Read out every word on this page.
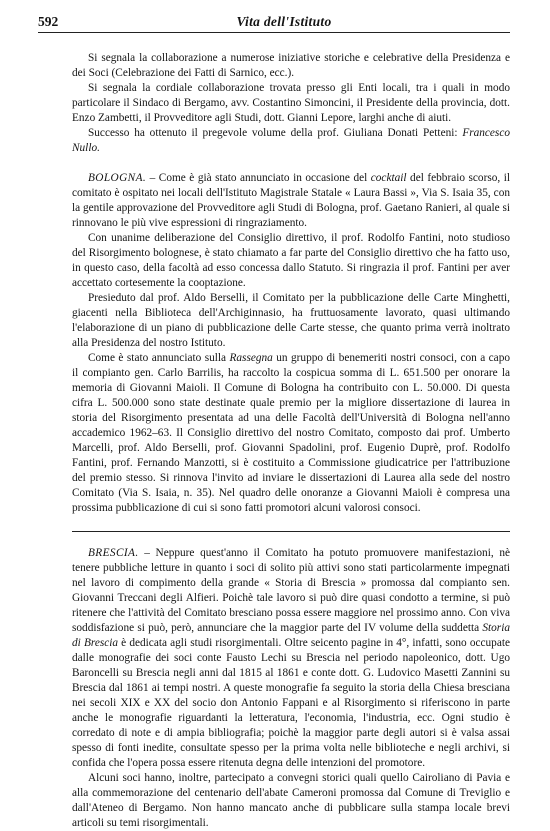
592	Vita dell'Istituto

Si segnala la collaborazione a numerose iniziative storiche e celebrative della Presidenza e dei Soci (Celebrazione dei Fatti di Sarnico, ecc.).

Si segnala la cordiale collaborazione trovata presso gli Enti locali, tra i quali in modo particolare il Sindaco di Bergamo, avv. Costantino Simoncini, il Presidente della provincia, dott. Enzo Zambetti, il Provveditore agli Studi, dott. Gianni Lepore, larghi anche di aiuti.

Successo ha ottenuto il pregevole volume della prof. Giuliana Donati Petteni: Francesco Nullo.

BOLOGNA. – Come è già stato annunciato in occasione del cocktail del febbraio scorso, il comitato è ospitato nei locali dell'Istituto Magistrale Statale « Laura Bassi », Via S. Isaia 35, con la gentile approvazione del Provveditore agli Studi di Bologna, prof. Gaetano Ranieri, al quale si rinnovano le più vive espressioni di ringraziamento.

Con unanime deliberazione del Consiglio direttivo, il prof. Rodolfo Fantini, noto studioso del Risorgimento bolognese, è stato chiamato a far parte del Consiglio direttivo che ha fatto uso, in questo caso, della facoltà ad esso concessa dallo Statuto. Si ringrazia il prof. Fantini per aver accettato cortesemente la cooptazione.

Presieduto dal prof. Aldo Berselli, il Comitato per la pubblicazione delle Carte Minghetti, giacenti nella Biblioteca dell'Archiginnasio, ha fruttuosamente lavorato, quasi ultimando l'elaborazione di un piano di pubblicazione delle Carte stesse, che quanto prima verrà inoltrato alla Presidenza del nostro Istituto.

Come è stato annunciato sulla Rassegna un gruppo di benemeriti nostri consoci, con a capo il compianto gen. Carlo Barrilis, ha raccolto la cospicua somma di L. 651.500 per onorare la memoria di Giovanni Maioli. Il Comune di Bologna ha contribuito con L. 50.000. Di questa cifra L. 500.000 sono state destinate quale premio per la migliore dissertazione di laurea in storia del Risorgimento presentata ad una delle Facoltà dell'Università di Bologna nell'anno accademico 1962–63. Il Consiglio direttivo del nostro Comitato, composto dai prof. Umberto Marcelli, prof. Aldo Berselli, prof. Giovanni Spadolini, prof. Eugenio Duprè, prof. Rodolfo Fantini, prof. Fernando Manzotti, si è costituito a Commissione giudicatrice per l'attribuzione del premio stesso. Si rinnova l'invito ad inviare le dissertazioni di Laurea alla sede del nostro Comitato (Via S. Isaia, n. 35). Nel quadro delle onoranze a Giovanni Maioli è compresa una prossima pubblicazione di cui si sono fatti promotori alcuni valorosi consoci.

BRESCIA. – Neppure quest'anno il Comitato ha potuto promuovere manifestazioni, nè tenere pubbliche letture in quanto i soci di solito più attivi sono stati particolarmente impegnati nel lavoro di compimento della grande « Storia di Brescia » promossa dal compianto sen. Giovanni Treccani degli Alfieri. Poichè tale lavoro si può dire quasi condotto a termine, si può ritenere che l'attività del Comitato bresciano possa essere maggiore nel prossimo anno. Con viva soddisfazione si può, però, annunciare che la maggior parte del IV volume della suddetta Storia di Brescia è dedicata agli studi risorgimentali. Oltre seicento pagine in 4°, infatti, sono occupate dalle monografie dei soci conte Fausto Lechi su Brescia nel periodo napoleonico, dott. Ugo Baroncelli su Brescia negli anni dal 1815 al 1861 e conte dott. G. Ludovico Masetti Zannini su Brescia dal 1861 ai tempi nostri. A queste monografie fa seguito la storia della Chiesa bresciana nei secoli XIX e XX del socio don Antonio Fappani e al Risorgimento si riferiscono in parte anche le monografie riguardanti la letteratura, l'economia, l'industria, ecc. Ogni studio è corredato di note e di ampia bibliografia; poichè la maggior parte degli autori si è valsa assai spesso di fonti inedite, consultate spesso per la prima volta nelle biblioteche e negli archivi, si confida che l'opera possa essere ritenuta degna delle intenzioni del promotore.

Alcuni soci hanno, inoltre, partecipato a convegni storici quali quello Cairoliano di Pavia e alla commemorazione del centenario dell'abate Cameroni promossa dal Comune di Treviglio e dall'Ateneo di Bergamo. Non hanno mancato anche di pubblicare sulla stampa locale brevi articoli su temi risorgimentali.
